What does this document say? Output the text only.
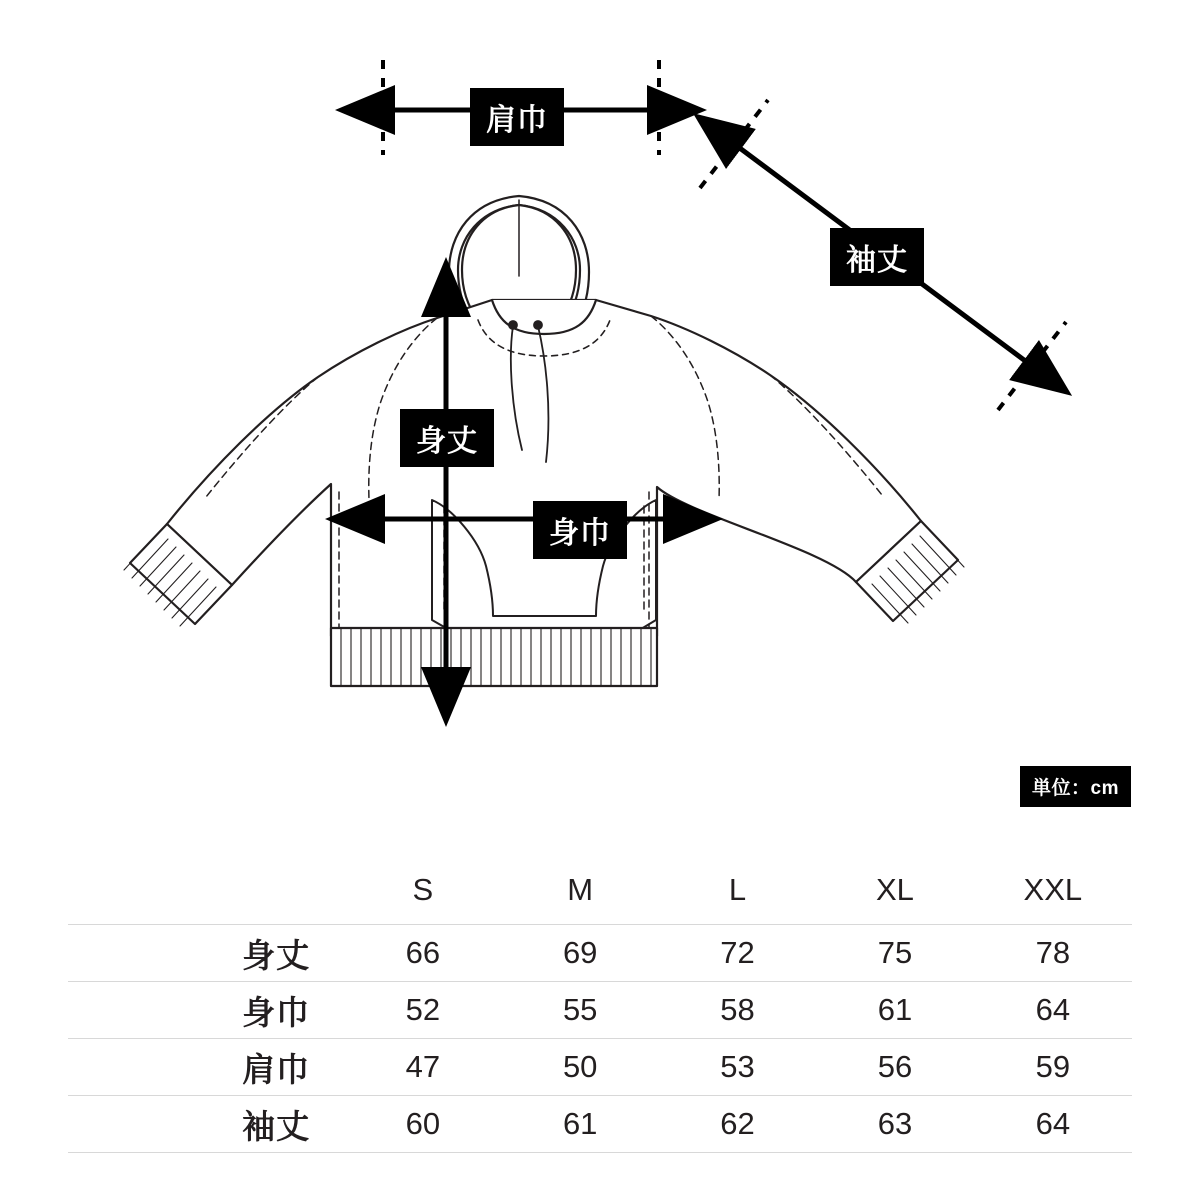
肩巾
袖丈
身丈
身巾
単位：cm
	S	M	L	XL	XXL
身丈	66	69	72	75	78
身巾	52	55	58	61	64
肩巾	47	50	53	56	59
袖丈	60	61	62	63	64
